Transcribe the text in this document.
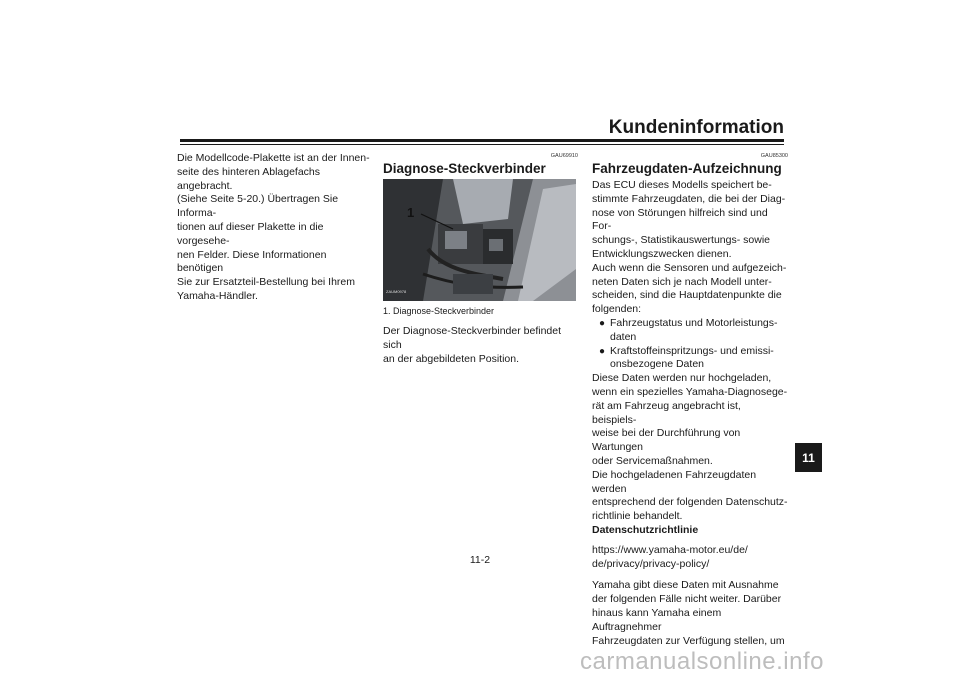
Kundeninformation

Die Modellcode-Plakette ist an der Innen-

seite des hinteren Ablagefachs angebracht.

(Siehe Seite 5-20.) Übertragen Sie Informa-

tionen auf dieser Plakette in die vorgesehe-

nen Felder. Diese Informationen benötigen

Sie zur Ersatzteil-Bestellung bei Ihrem

Yamaha-Händler.

GAU69910
Diagnose-Steckverbinder
1
ZAUM0978
1. Diagnose-Steckverbinder

Der Diagnose-Steckverbinder befindet sich

an der abgebildeten Position.

GAU85300
Fahrzeugdaten-Aufzeichnung

Das ECU dieses Modells speichert be-

stimmte Fahrzeugdaten, die bei der Diag-

nose von Störungen hilfreich sind und For-

schungs-, Statistikauswertungs- sowie

Entwicklungszwecken dienen.

Auch wenn die Sensoren und aufgezeich-

neten Daten sich je nach Modell unter-

scheiden, sind die Hauptdatenpunkte die

folgenden:

● Fahrzeugstatus und Motorleistungs-
daten
● Kraftstoffeinspritzungs- und emissi-
onsbezogene Daten

Diese Daten werden nur hochgeladen,

wenn ein spezielles Yamaha-Diagnosege-

rät am Fahrzeug angebracht ist, beispiels-

weise bei der Durchführung von Wartungen

oder Servicemaßnahmen.

Die hochgeladenen Fahrzeugdaten werden

entsprechend der folgenden Datenschutz-

richtlinie behandelt.

Datenschutzrichtlinie

https://www.yamaha-motor.eu/de/

de/privacy/privacy-policy/

Yamaha gibt diese Daten mit Ausnahme

der folgenden Fälle nicht weiter. Darüber

hinaus kann Yamaha einem Auftragnehmer

Fahrzeugdaten zur Verfügung stellen, um

11
11-2
carmanualsonline.info
